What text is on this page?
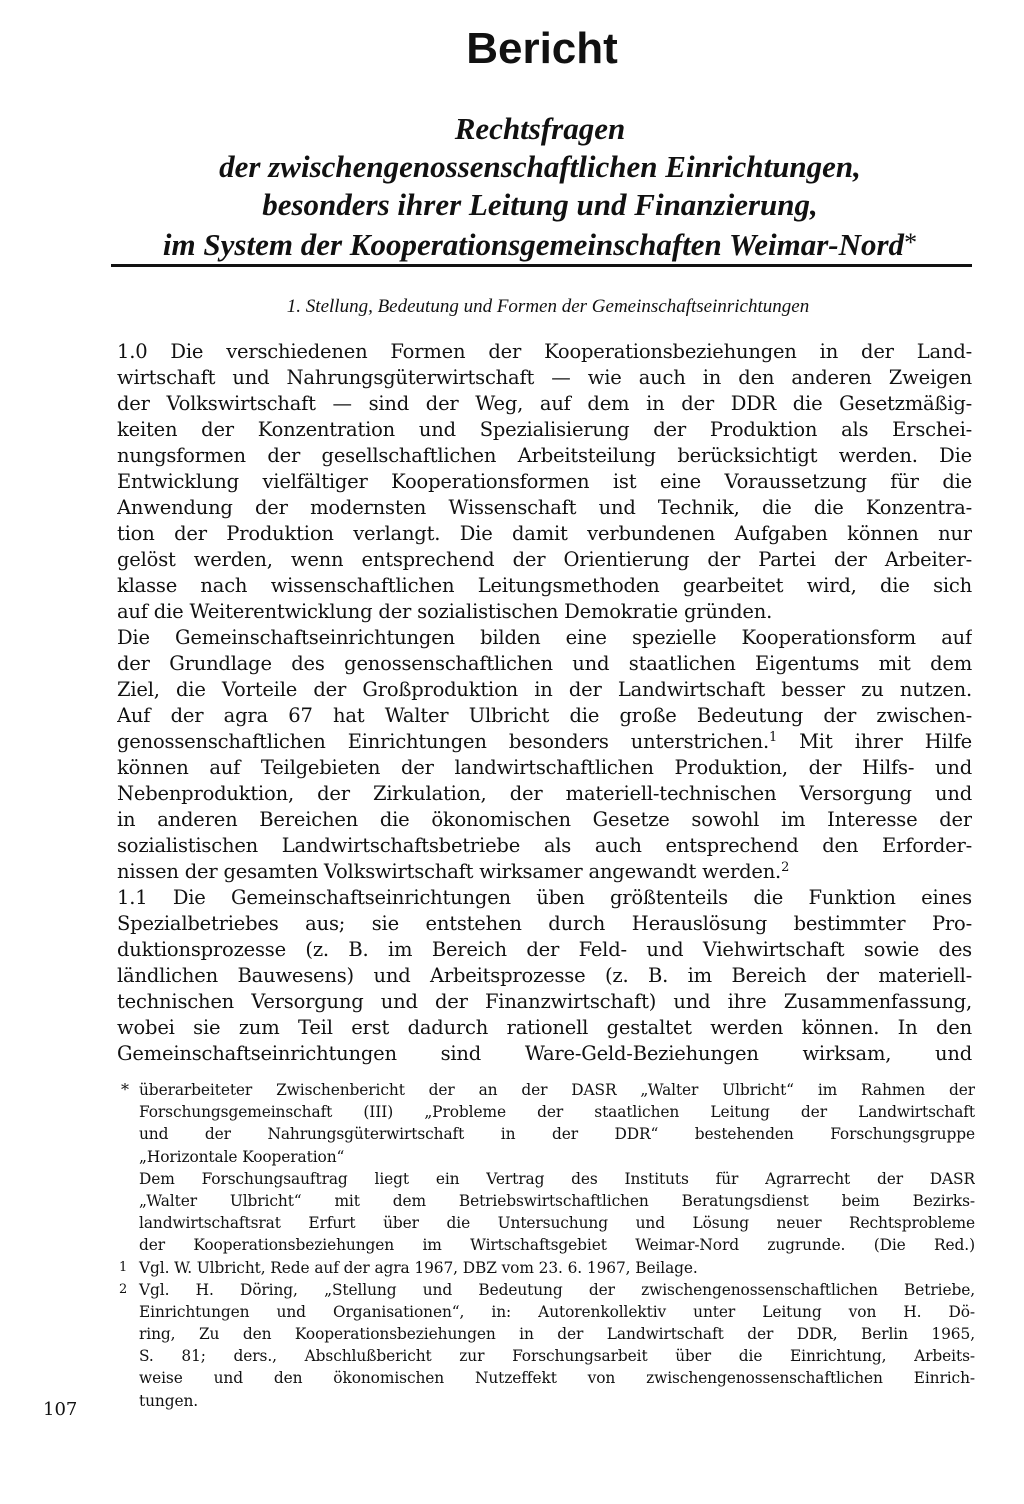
Bericht
Rechtsfragen
der zwischengenossenschaftlichen Einrichtungen,
besonders ihrer Leitung und Finanzierung,
im System der Kooperationsgemeinschaften Weimar-Nord*
1. Stellung, Bedeutung und Formen der Gemeinschaftseinrichtungen
1.0 Die verschiedenen Formen der Kooperationsbeziehungen in der Land-
wirtschaft und Nahrungsgüterwirtschaft — wie auch in den anderen Zweigen
der Volkswirtschaft — sind der Weg, auf dem in der DDR die Gesetzmäßig-
keiten der Konzentration und Spezialisierung der Produktion als Erschei-
nungsformen der gesellschaftlichen Arbeitsteilung berücksichtigt werden. Die
Entwicklung vielfältiger Kooperationsformen ist eine Voraussetzung für die
Anwendung der modernsten Wissenschaft und Technik, die die Konzentra-
tion der Produktion verlangt. Die damit verbundenen Aufgaben können nur
gelöst werden, wenn entsprechend der Orientierung der Partei der Arbeiter-
klasse nach wissenschaftlichen Leitungsmethoden gearbeitet wird, die sich
auf die Weiterentwicklung der sozialistischen Demokratie gründen.
Die Gemeinschaftseinrichtungen bilden eine spezielle Kooperationsform auf
der Grundlage des genossenschaftlichen und staatlichen Eigentums mit dem
Ziel, die Vorteile der Großproduktion in der Landwirtschaft besser zu nutzen.
Auf der agra 67 hat Walter Ulbricht die große Bedeutung der zwischen-
genossenschaftlichen Einrichtungen besonders unterstrichen.$^1$ Mit ihrer Hilfe
können auf Teilgebieten der landwirtschaftlichen Produktion, der Hilfs- und
Nebenproduktion, der Zirkulation, der materiell-technischen Versorgung und
in anderen Bereichen die ökonomischen Gesetze sowohl im Interesse der
sozialistischen Landwirtschaftsbetriebe als auch entsprechend den Erforder-
nissen der gesamten Volkswirtschaft wirksamer angewandt werden.$^2$
1.1 Die Gemeinschaftseinrichtungen üben größtenteils die Funktion eines
Spezialbetriebes aus; sie entstehen durch Herauslösung bestimmter Pro-
duktionsprozesse (z. B. im Bereich der Feld- und Viehwirtschaft sowie des
ländlichen Bauwesens) und Arbeitsprozesse (z. B. im Bereich der materiell-
technischen Versorgung und der Finanzwirtschaft) und ihre Zusammenfassung,
wobei sie zum Teil erst dadurch rationell gestaltet werden können. In den
Gemeinschaftseinrichtungen sind Ware-Geld-Beziehungen wirksam, und
* überarbeiteter Zwischenbericht der an der DASR „Walter Ulbricht“ im Rahmen der
Forschungsgemeinschaft (III) „Probleme der staatlichen Leitung der Landwirtschaft
und der Nahrungsgüterwirtschaft in der DDR“ bestehenden Forschungsgruppe
„Horizontale Kooperation“
Dem Forschungsauftrag liegt ein Vertrag des Instituts für Agrarrecht der DASR
„Walter Ulbricht“ mit dem Betriebswirtschaftlichen Beratungsdienst beim Bezirks-
landwirtschaftsrat Erfurt über die Untersuchung und Lösung neuer Rechtsprobleme
der Kooperationsbeziehungen im Wirtschaftsgebiet Weimar-Nord zugrunde. (Die Red.)
1 Vgl. W. Ulbricht, Rede auf der agra 1967, DBZ vom 23. 6. 1967, Beilage.
2 Vgl. H. Döring, „Stellung und Bedeutung der zwischengenossenschaftlichen Betriebe,
Einrichtungen und Organisationen“, in: Autorenkollektiv unter Leitung von H. Dö-
ring, Zu den Kooperationsbeziehungen in der Landwirtschaft der DDR, Berlin 1965,
S. 81; ders., Abschlußbericht zur Forschungsarbeit über die Einrichtung, Arbeits-
weise und den ökonomischen Nutzeffekt von zwischengenossenschaftlichen Einrich-
tungen.
107
